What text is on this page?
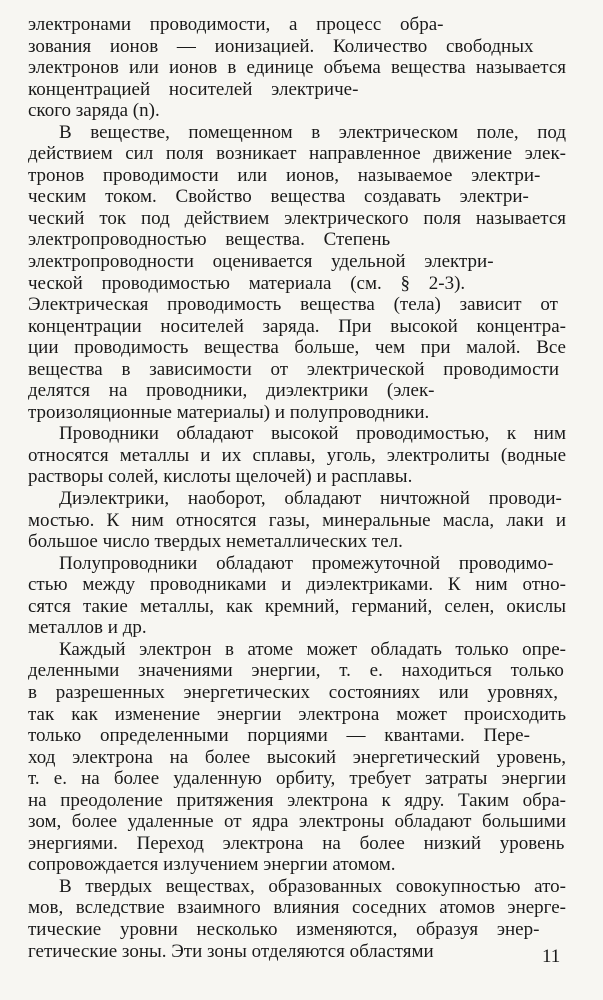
электронами проводимости, а процесс обра-
зования ионов — ионизацией. Количество свободных
электронов или ионов в единице объема вещества называется
концентрацией носителей электриче-
ского заряда (n).

В веществе, помещенном в электрическом поле, под
действием сил поля возникает направленное движение элек-
тронов проводимости или ионов, называемое электри-
ческим током. Свойство вещества создавать электри-
ческий ток под действием электрического поля называется
электропроводностью вещества. Степень
электропроводности оценивается удельной электри-
ческой проводимостью материала (см. § 2-3).
Электрическая проводимость вещества (тела) зависит от
концентрации носителей заряда. При высокой концентра-
ции проводимость вещества больше, чем при малой. Все
вещества в зависимости от электрической проводимости
делятся на проводники, диэлектрики (элек-
троизоляционные материалы) и полупроводники.

Проводники обладают высокой проводимостью, к ним
относятся металлы и их сплавы, уголь, электролиты (водные
растворы солей, кислоты щелочей) и расплавы.

Диэлектрики, наоборот, обладают ничтожной проводи-
мостью. К ним относятся газы, минеральные масла, лаки и
большое число твердых неметаллических тел.

Полупроводники обладают промежуточной проводимо-
стью между проводниками и диэлектриками. К ним отно-
сятся такие металлы, как кремний, германий, селен, окислы
металлов и др.

Каждый электрон в атоме может обладать только опре-
деленными значениями энергии, т. е. находиться только
в разрешенных энергетических состояниях или уровнях,
так как изменение энергии электрона может происходить
только определенными порциями — квантами. Пере-
ход электрона на более высокий энергетический уровень,
т. е. на более удаленную орбиту, требует затраты энергии
на преодоление притяжения электрона к ядру. Таким обра-
зом, более удаленные от ядра электроны обладают большими
энергиями. Переход электрона на более низкий уровень
сопровождается излучением энергии атомом.

В твердых веществах, образованных совокупностью ато-
мов, вследствие взаимного влияния соседних атомов энерге-
тические уровни несколько изменяются, образуя энер-
гетические зоны. Эти зоны отделяются областями	11
